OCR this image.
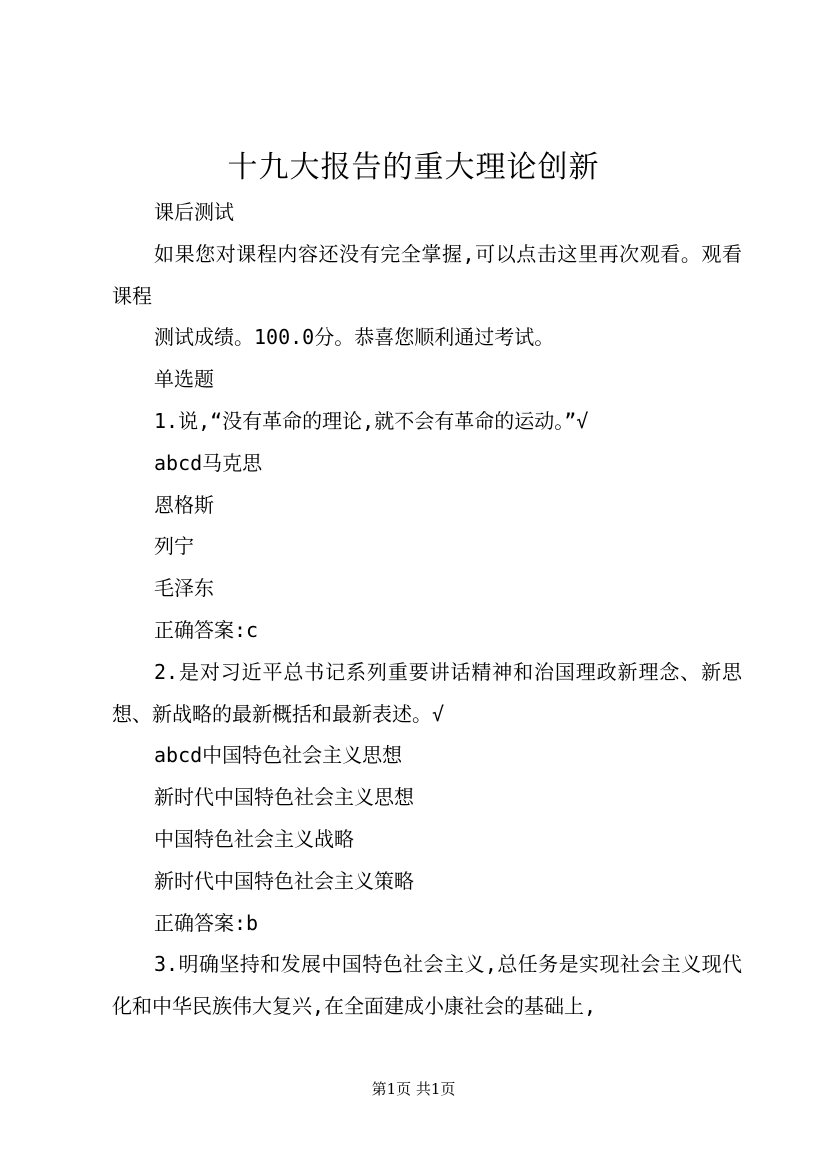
十九大报告的重大理论创新

课后测试

如果您对课程内容还没有完全掌握,可以点击这里再次观看。观看课程

测试成绩。100.0分。恭喜您顺利通过考试。

单选题

1.说,“没有革命的理论,就不会有革命的运动。”√

abcd马克思

恩格斯

列宁

毛泽东

正确答案:c

2.是对习近平总书记系列重要讲话精神和治国理政新理念、新思想、新战略的最新概括和最新表述。√

abcd中国特色社会主义思想

新时代中国特色社会主义思想

中国特色社会主义战略

新时代中国特色社会主义策略

正确答案:b

3.明确坚持和发展中国特色社会主义,总任务是实现社会主义现代化和中华民族伟大复兴,在全面建成小康社会的基础上,

第1页 共1页
